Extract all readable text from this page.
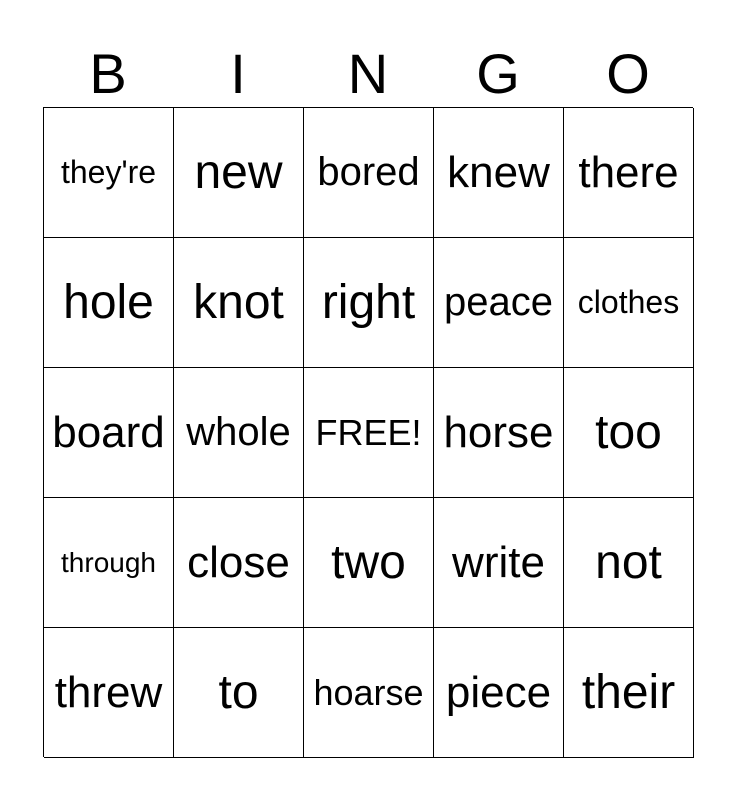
B	I	N	G	O
they're new bored knew there
hole knot right peace clothes
board whole FREE! horse too
through close two write not
threw to hoarse piece their
